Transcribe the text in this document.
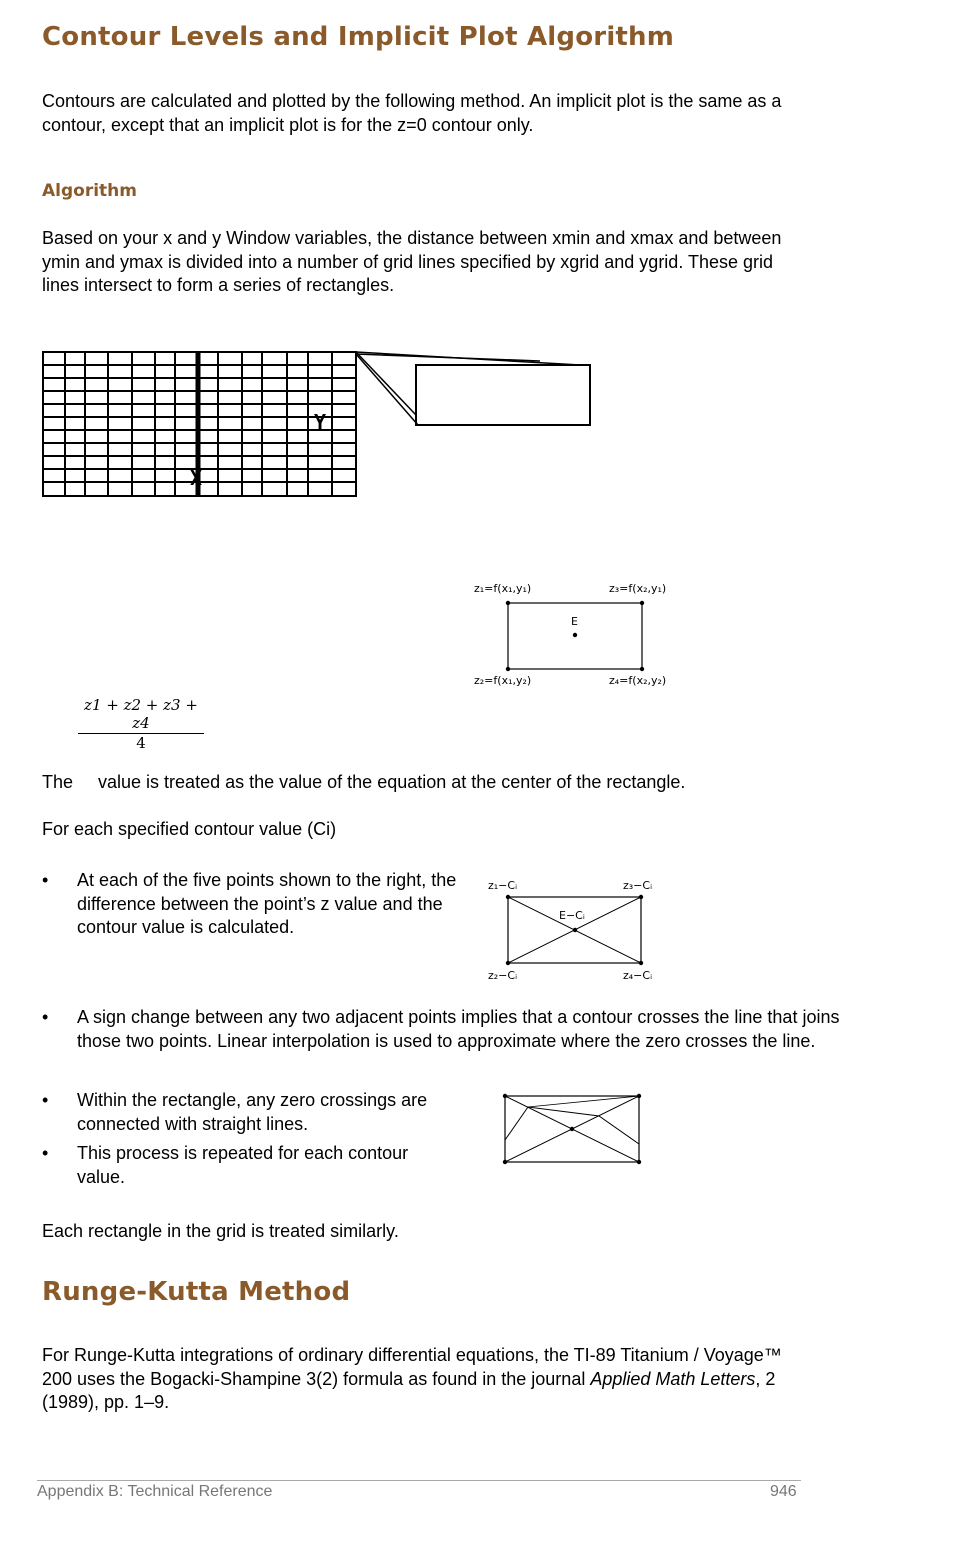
Contour Levels and Implicit Plot Algorithm

Contours are calculated and plotted by the following method. An implicit plot is the same as a contour, except that an implicit plot is for the z=0 contour only.

Algorithm

Based on your x and y Window variables, the distance between xmin and xmax and between ymin and ymax is divided into a number of grid lines specified by xgrid and ygrid. These grid lines intersect to form a series of rectangles.

Y
X
z₁=f(x₁,y₁)	z₃=f(x₂,y₁)
z₂=f(x₁,y₂)	z₄=f(x₂,y₂)
E
$\frac{z1 + z2 + z3 + z4}{4}$

The     value is treated as the value of the equation at the center of the rectangle.

For each specified contour value (Ci)

• At each of the five points shown to the right, the difference between the point’s z value and the contour value is calculated.
z₁−Cᵢ	z₃−Cᵢ
z₂−Cᵢ	z₄−Cᵢ
E−Cᵢ
• A sign change between any two adjacent points implies that a contour crosses the line that joins those two points. Linear interpolation is used to approximate where the zero crosses the line.
• Within the rectangle, any zero crossings are connected with straight lines.
• This process is repeated for each contour value.

Each rectangle in the grid is treated similarly.

Runge-Kutta Method

For Runge-Kutta integrations of ordinary differential equations, the TI-89 Titanium / Voyage™ 200 uses the Bogacki-Shampine 3(2) formula as found in the journal Applied Math Letters, 2 (1989), pp. 1–9.

Appendix B: Technical Reference	946
